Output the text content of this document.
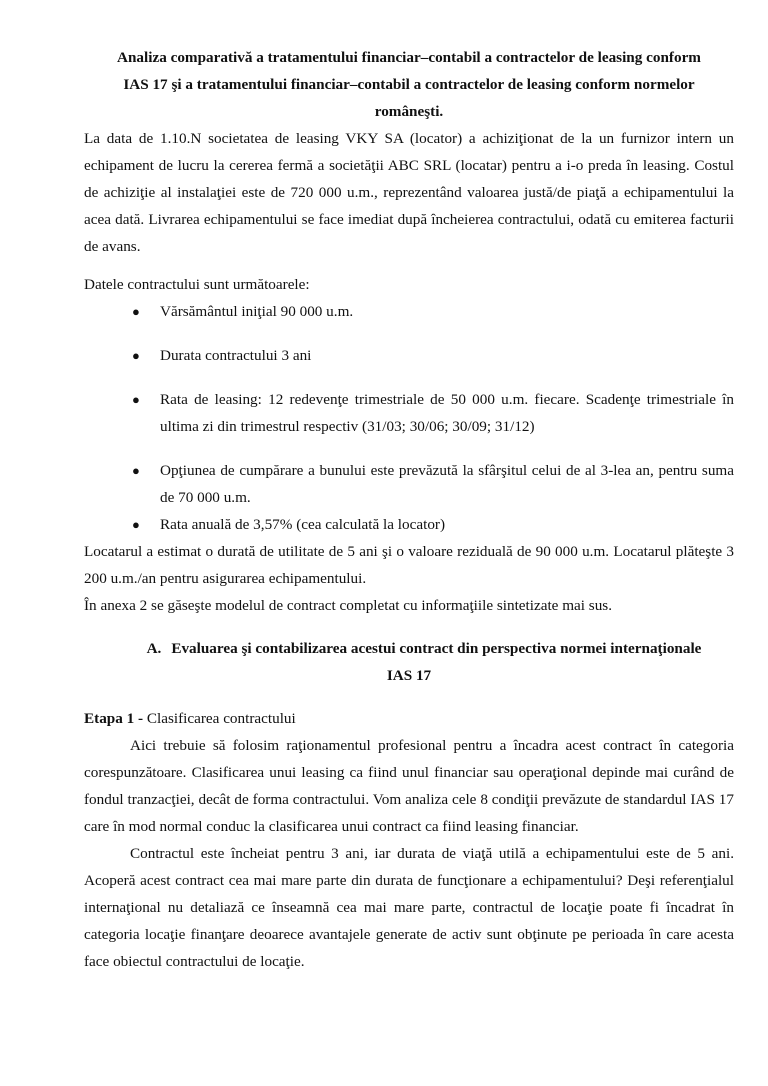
Analiza comparativă a tratamentului financiar–contabil a contractelor de leasing conform

IAS 17 şi a tratamentului financiar–contabil a contractelor de leasing conform normelor

româneşti.

La data de 1.10.N societatea de leasing VKY SA (locator) a achiziţionat de la un furnizor intern un echipament de lucru la cererea fermă a societăţii ABC SRL (locatar) pentru a i-o preda în leasing. Costul de achiziţie al instalaţiei este de 720 000 u.m., reprezentând valoarea justă/de piaţă a echipamentului la acea dată. Livrarea echipamentului se face imediat după încheierea contractului, odată cu emiterea facturii de avans.

Datele contractului sunt următoarele:

● Vărsământul iniţial 90 000 u.m.
● Durata contractului 3 ani
● Rata de leasing: 12 redevenţe trimestriale de 50 000 u.m. fiecare. Scadenţe trimestriale în ultima zi din trimestrul respectiv (31/03; 30/06; 30/09; 31/12)
● Opţiunea de cumpărare a bunului este prevăzută la sfârşitul celui de al 3-lea an, pentru suma de 70 000 u.m.
● Rata anuală de 3,57% (cea calculată la locator)

Locatarul a estimat o durată de utilitate de 5 ani şi o valoare reziduală de 90 000 u.m. Locatarul plăteşte 3 200 u.m./an pentru asigurarea echipamentului.

În anexa 2 se găseşte modelul de contract completat cu informaţiile sintetizate mai sus.

A. Evaluarea şi contabilizarea acestui contract din perspectiva normei internaţionale

IAS 17

Etapa 1 - Clasificarea contractului

Aici trebuie să folosim raţionamentul profesional pentru a încadra acest contract în categoria corespunzătoare. Clasificarea unui leasing ca fiind unul financiar sau operaţional depinde mai curând de fondul tranzacţiei, decât de forma contractului. Vom analiza cele 8 condiţii prevăzute de standardul IAS 17 care în mod normal conduc la clasificarea unui contract ca fiind leasing financiar.

Contractul este încheiat pentru 3 ani, iar durata de viaţă utilă a echipamentului este de 5 ani. Acoperă acest contract cea mai mare parte din durata de funcţionare a echipamentului? Deşi referenţialul internaţional nu detaliază ce înseamnă cea mai mare parte, contractul de locaţie poate fi încadrat în categoria locaţie finanţare deoarece avantajele generate de activ sunt obţinute pe perioada în care acesta face obiectul contractului de locaţie.
